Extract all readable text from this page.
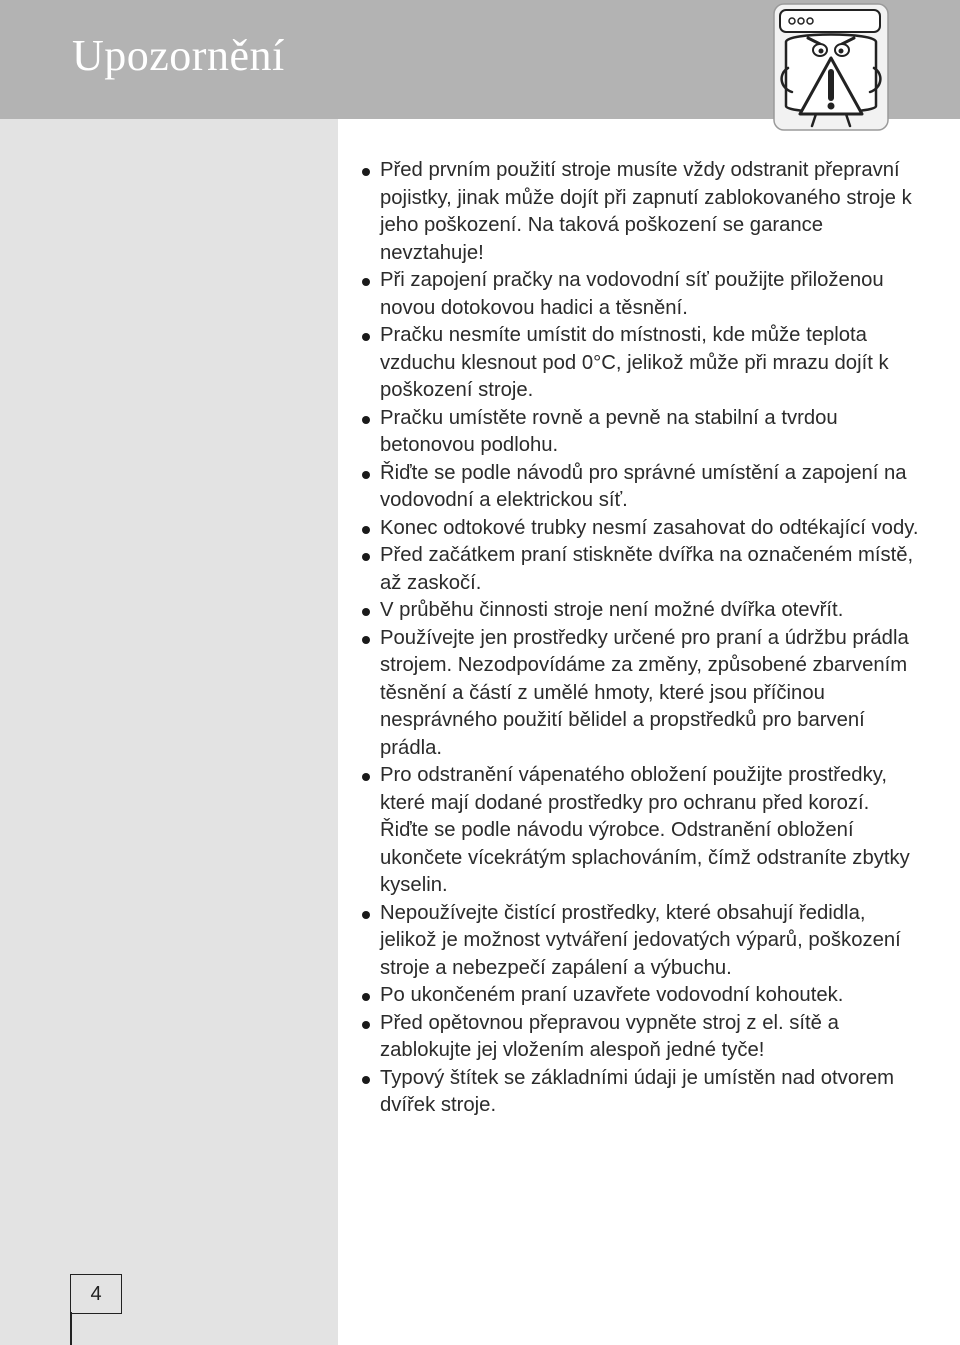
Upozornění
Před prvním použití stroje musíte vždy odstranit přepravní pojistky, jinak může dojít při zapnutí zablokovaného stroje k jeho poškození. Na taková poškození se garance nevztahuje!
Při zapojení pračky na vodovodní síť použijte přiloženou novou dotokovou hadici a těsnění.
Pračku nesmíte umístit do místnosti, kde může teplota vzduchu klesnout pod 0°C, jelikož může při mrazu dojít k poškození stroje.
Pračku umístěte rovně a pevně na stabilní a tvrdou betonovou podlohu.
Řiďte se podle návodů pro správné umístění a zapojení na vodovodní a elektrickou síť.
Konec odtokové trubky nesmí zasahovat do odtékající vody.
Před začátkem praní stiskněte dvířka na označeném místě, až zaskočí.
V průběhu činnosti stroje není možné dvířka otevřít.
Používejte jen prostředky určené pro praní a údržbu prádla strojem. Nezodpovídáme za změny, způsobené zbarvením těsnění a částí z umělé hmoty, které jsou příčinou nesprávného použití bělidel a propstředků pro barvení prádla.
Pro odstranění vápenatého obložení použijte prostředky, které mají dodané prostředky pro ochranu před korozí. Řiďte se podle návodu výrobce. Odstranění obložení ukončete vícekrátým splachováním, čímž odstraníte zbytky kyselin.
Nepoužívejte čistící prostředky, které obsahují ředidla, jelikož je možnost vytváření jedovatých výparů, poškození stroje a nebezpečí zapálení a výbuchu.
Po ukončeném praní uzavřete vodovodní kohoutek.
Před opětovnou přepravou vypněte stroj z el. sítě a zablokujte jej vložením alespoň jedné tyče!
Typový štítek se základními údaji je umístěn nad otvorem dvířek stroje.
4
